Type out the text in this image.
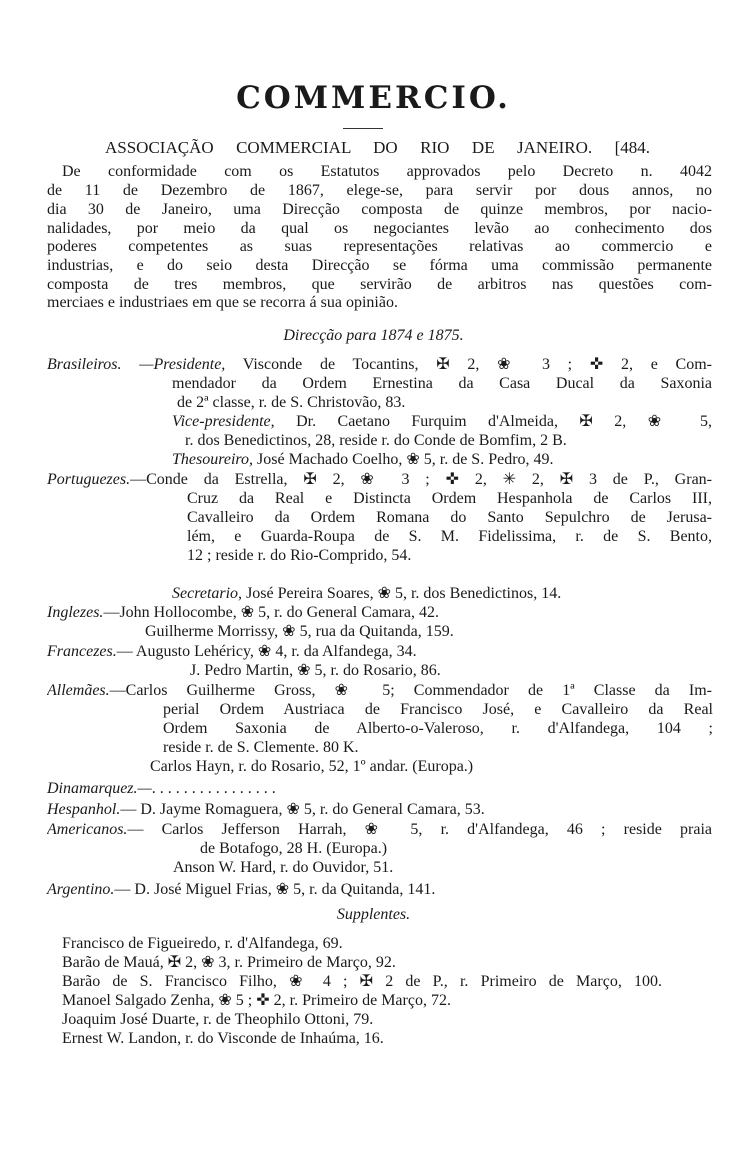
COMMERCIO.
ASSOCIAÇÃO COMMERCIAL DO RIO DE JANEIRO. [484.
Direcção para 1874 e 1875.
Supplentes.
De conformidade com os Estatutos approvados pelo Decreto n. 4042
de 11 de Dezembro de 1867, elege-se, para servir por dous annos, no
dia 30 de Janeiro, uma Direcção composta de quinze membros, por nacio-
nalidades, por meio da qual os negociantes levão ao conhecimento dos
poderes competentes as suas representações relativas ao commercio e
industrias, e do seio desta Direcção se fórma uma commissão permanente
composta de tres membros, que servirão de arbitros nas questões com-
merciaes e industriaes em que se recorra á sua opinião.
Brasileiros. —Presidente, Visconde de Tocantins, ✠ 2, ❀ 3 ; ✜ 2, e Com-
mendador da Ordem Ernestina da Casa Ducal da Saxonia
de 2ª classe, r. de S. Christovão, 83.
Vice-presidente, Dr. Caetano Furquim d'Almeida, ✠ 2, ❀ 5,
r. dos Benedictinos, 28, reside r. do Conde de Bomfim, 2 B.
Thesoureiro, José Machado Coelho, ❀ 5, r. de S. Pedro, 49.
Portuguezes.—Conde da Estrella, ✠ 2, ❀ 3 ; ✜ 2, ✳ 2, ✠ 3 de P., Gran-
Cruz da Real e Distincta Ordem Hespanhola de Carlos III,
Cavalleiro da Ordem Romana do Santo Sepulchro de Jerusa-
lém, e Guarda-Roupa de S. M. Fidelissima, r. de S. Bento,
12 ; reside r. do Rio-Comprido, 54.
Secretario, José Pereira Soares, ❀ 5, r. dos Benedictinos, 14.
Inglezes.—John Hollocombe, ❀ 5, r. do General Camara, 42.
Guilherme Morrissy, ❀ 5, rua da Quitanda, 159.
Francezes.— Augusto Lehéricy, ❀ 4, r. da Alfandega, 34.
J. Pedro Martin, ❀ 5, r. do Rosario, 86.
Allemães.—Carlos Guilherme Gross, ❀ 5; Commendador de 1ª Classe da Im-
perial Ordem Austriaca de Francisco José, e Cavalleiro da Real
Ordem Saxonia de Alberto-o-Valeroso, r. d'Alfandega, 104 ;
reside r. de S. Clemente. 80 K.
Carlos Hayn, r. do Rosario, 52, 1º andar. (Europa.)
Dinamarquez.—. . . . . . . . . . . . . . . .
Hespanhol.— D. Jayme Romaguera, ❀ 5, r. do General Camara, 53.
Americanos.— Carlos Jefferson Harrah, ❀ 5, r. d'Alfandega, 46 ; reside praia
de Botafogo, 28 H. (Europa.)
Anson W. Hard, r. do Ouvidor, 51.
Argentino.— D. José Miguel Frias, ❀ 5, r. da Quitanda, 141.
Francisco de Figueiredo, r. d'Alfandega, 69.
Barão de Mauá, ✠ 2, ❀ 3, r. Primeiro de Março, 92.
Barão de S. Francisco Filho, ❀ 4 ; ✠ 2 de P., r. Primeiro de Março, 100.
Manoel Salgado Zenha, ❀ 5 ; ✜ 2, r. Primeiro de Março, 72.
Joaquim José Duarte, r. de Theophilo Ottoni, 79.
Ernest W. Landon, r. do Visconde de Inhaúma, 16.
